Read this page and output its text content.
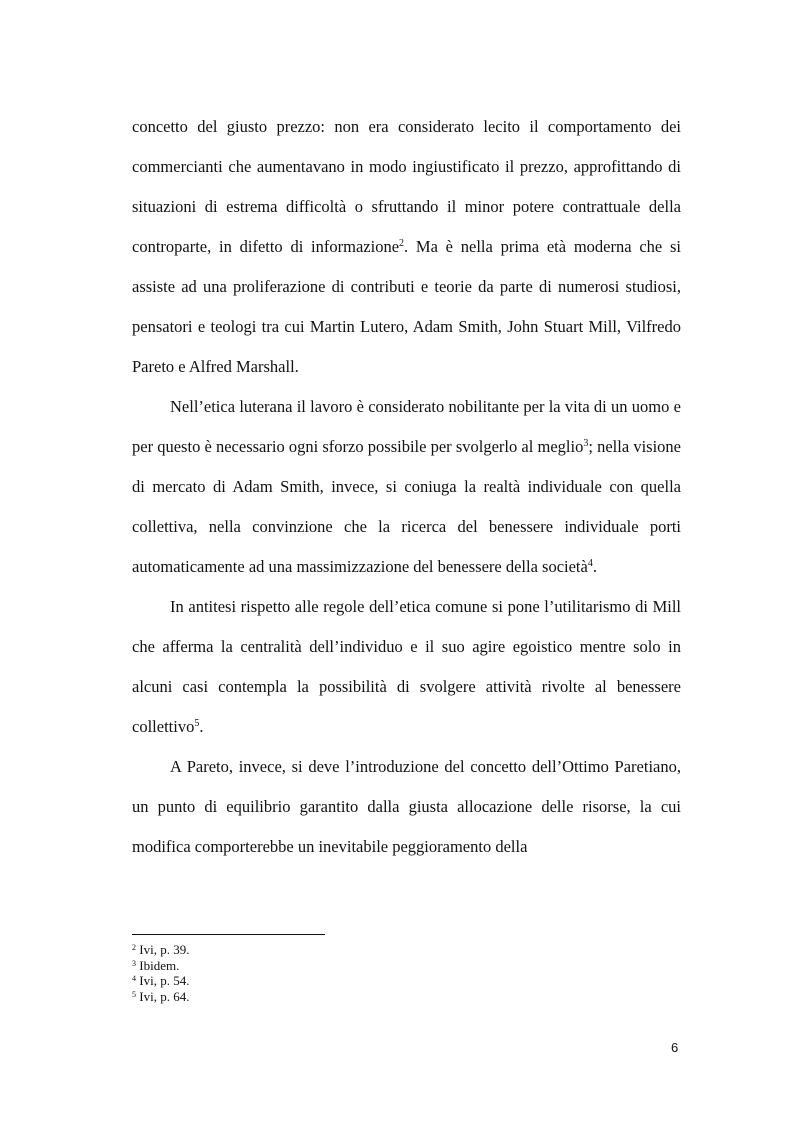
concetto del giusto prezzo: non era considerato lecito il comportamento dei commercianti che aumentavano in modo ingiustificato il prezzo, approfittando di situazioni di estrema difficoltà o sfruttando il minor potere contrattuale della controparte, in difetto di informazione$^2$. Ma è nella prima età moderna che si assiste ad una proliferazione di contributi e teorie da parte di numerosi studiosi, pensatori e teologi tra cui Martin Lutero, Adam Smith, John Stuart Mill, Vilfredo Pareto e Alfred Marshall.

Nell’etica luterana il lavoro è considerato nobilitante per la vita di un uomo e per questo è necessario ogni sforzo possibile per svolgerlo al meglio$^3$; nella visione di mercato di Adam Smith, invece, si coniuga la realtà individuale con quella collettiva, nella convinzione che la ricerca del benessere individuale porti automaticamente ad una massimizzazione del benessere della società$^4$.

In antitesi rispetto alle regole dell’etica comune si pone l’utilitarismo di Mill che afferma la centralità dell’individuo e il suo agire egoistico mentre solo in alcuni casi contempla la possibilità di svolgere attività rivolte al benessere collettivo$^5$.

A Pareto, invece, si deve l’introduzione del concetto dell’Ottimo Paretiano, un punto di equilibrio garantito dalla giusta allocazione delle risorse, la cui modifica comporterebbe un inevitabile peggioramento della

$^2$ Ivi, p. 39.
$^3$ Ibidem.
$^4$ Ivi, p. 54.
$^5$ Ivi, p. 64.
6
